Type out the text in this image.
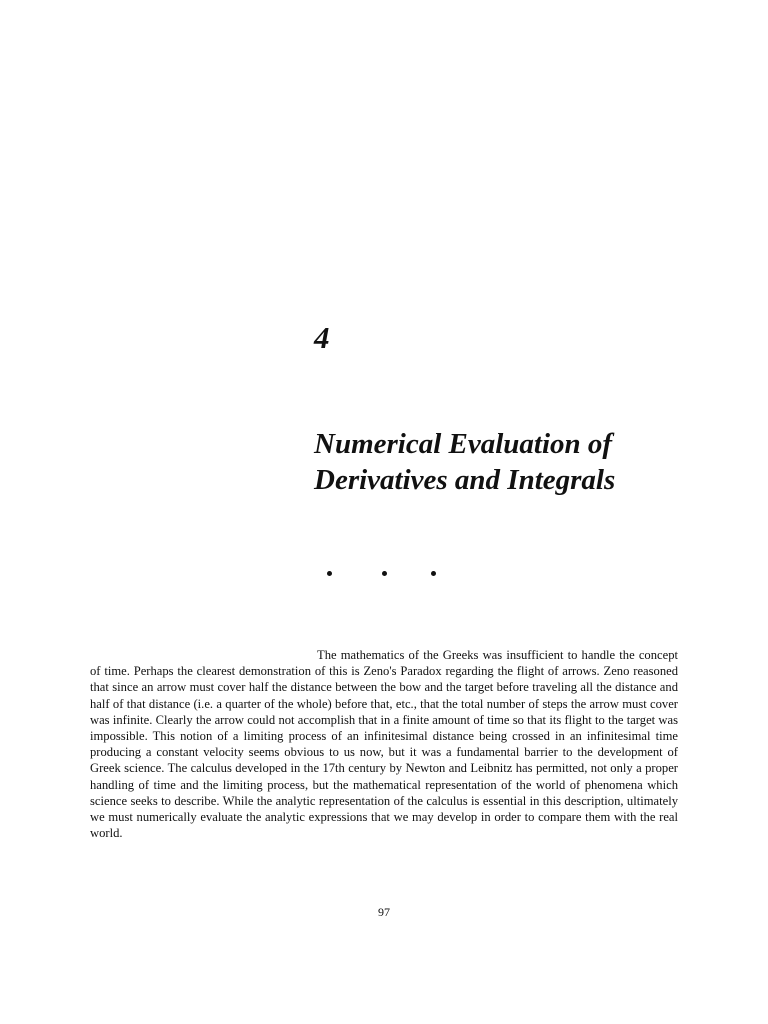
4
Numerical Evaluation of
Derivatives and Integrals

The mathematics of the Greeks was insufficient to handle the concept of time. Perhaps the clearest demonstration of this is Zeno's Paradox regarding the flight of arrows. Zeno reasoned that since an arrow must cover half the distance between the bow and the target before traveling all the distance and half of that distance (i.e. a quarter of the whole) before that, etc., that the total number of steps the arrow must cover was infinite. Clearly the arrow could not accomplish that in a finite amount of time so that its flight to the target was impossible. This notion of a limiting process of an infinitesimal distance being crossed in an infinitesimal time producing a constant velocity seems obvious to us now, but it was a fundamental barrier to the development of Greek science. The calculus developed in the 17th century by Newton and Leibnitz has permitted, not only a proper handling of time and the limiting process, but the mathematical representation of the world of phenomena which science seeks to describe. While the analytic representation of the calculus is essential in this description, ultimately we must numerically evaluate the analytic expressions that we may develop in order to compare them with the real world.

97
